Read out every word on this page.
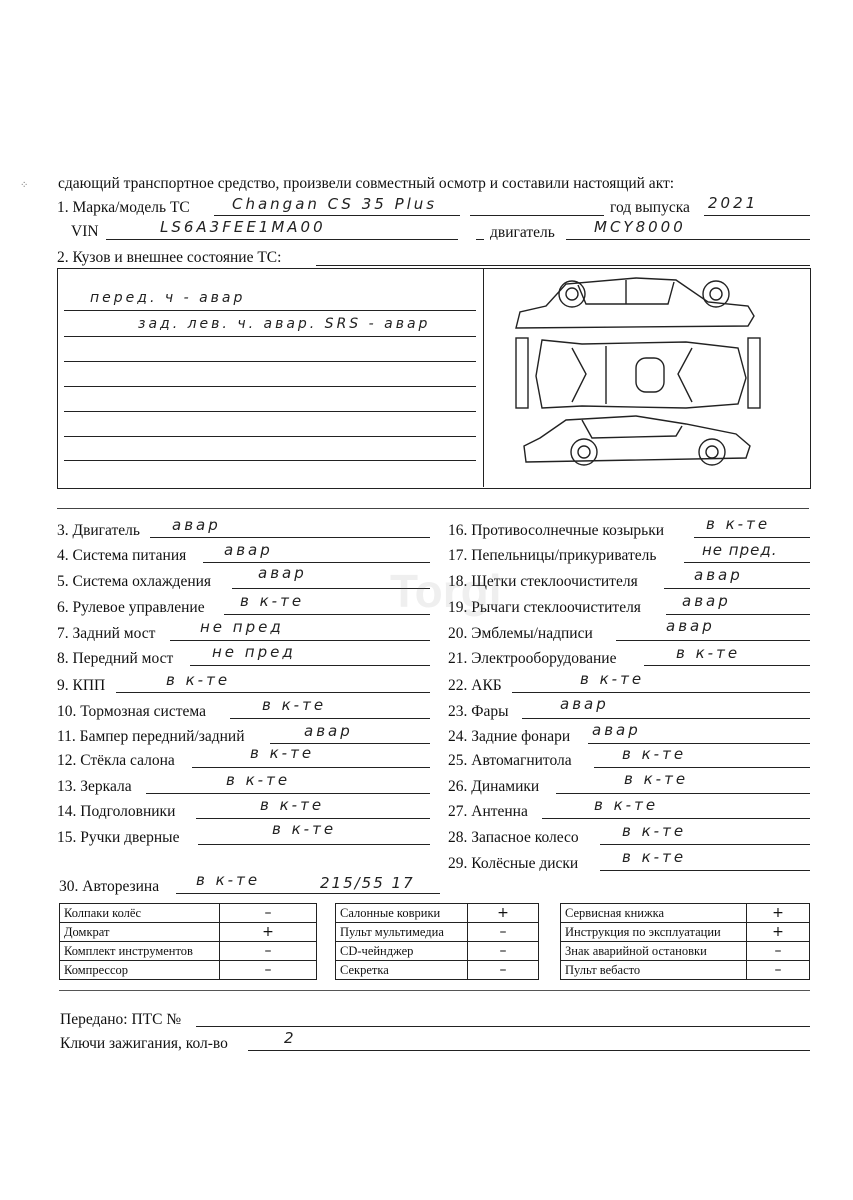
⁘ сдающий транспортное средство, произвели совместный осмотр и составили настоящий акт:
1. Марка/модель ТС	Changan CS 35 Plus	год выпуска 2021
VIN	LS6A3FEE1MA00	двигатель	MCY8000
2. Кузов и внешнее состояние ТС:
перед. ч - авар
зад. лев. ч. авар. SRS - авар
3. Двигатель авар
4. Система питания	авар
5. Система охлаждения	авар
6. Рулевое управление в к-те
7. Задний мост	не пред
8. Передний мост	не пред
9. КПП	в к-те
10. Тормозная система	в к-те
11. Бампер передний/задний	авар
12. Стёкла салона	в к-те
13. Зеркала	в к-те
14. Подголовники	в к-те
15. Ручки дверные	в к-те
16. Противосолнечные козырьки	в к-те
17. Пепельницы/прикуриватель	не пред.
18. Щетки стеклоочистителя	авар
19. Рычаги стеклоочистителя	авар
20. Эмблемы/надписи	авар
21. Электрооборудование	в к-те
22. АКБ	в к-те
23. Фары	авар
24. Задние фонари авар
25. Автомагнитола	в к-те
26. Динамики	в к-те
27. Антенна	в к-те
28. Запасное колесо	в к-те
29. Колёсные диски	в к-те
30. Авторезина в к-те	215/55 17
Колпаки колёс	–
Домкрат	+
Комплект инструментов	–
Компрессор	–
Салонные коврики	+
Пульт мультимедиа	–
CD-чейнджер	–
Секретка	–
Сервисная книжка	+
Инструкция по эксплуатации	+
Знак аварийной остановки	–
Пульт вебасто	–
Передано: ПТС №
Ключи зажигания, кол-во	2
Torgi
